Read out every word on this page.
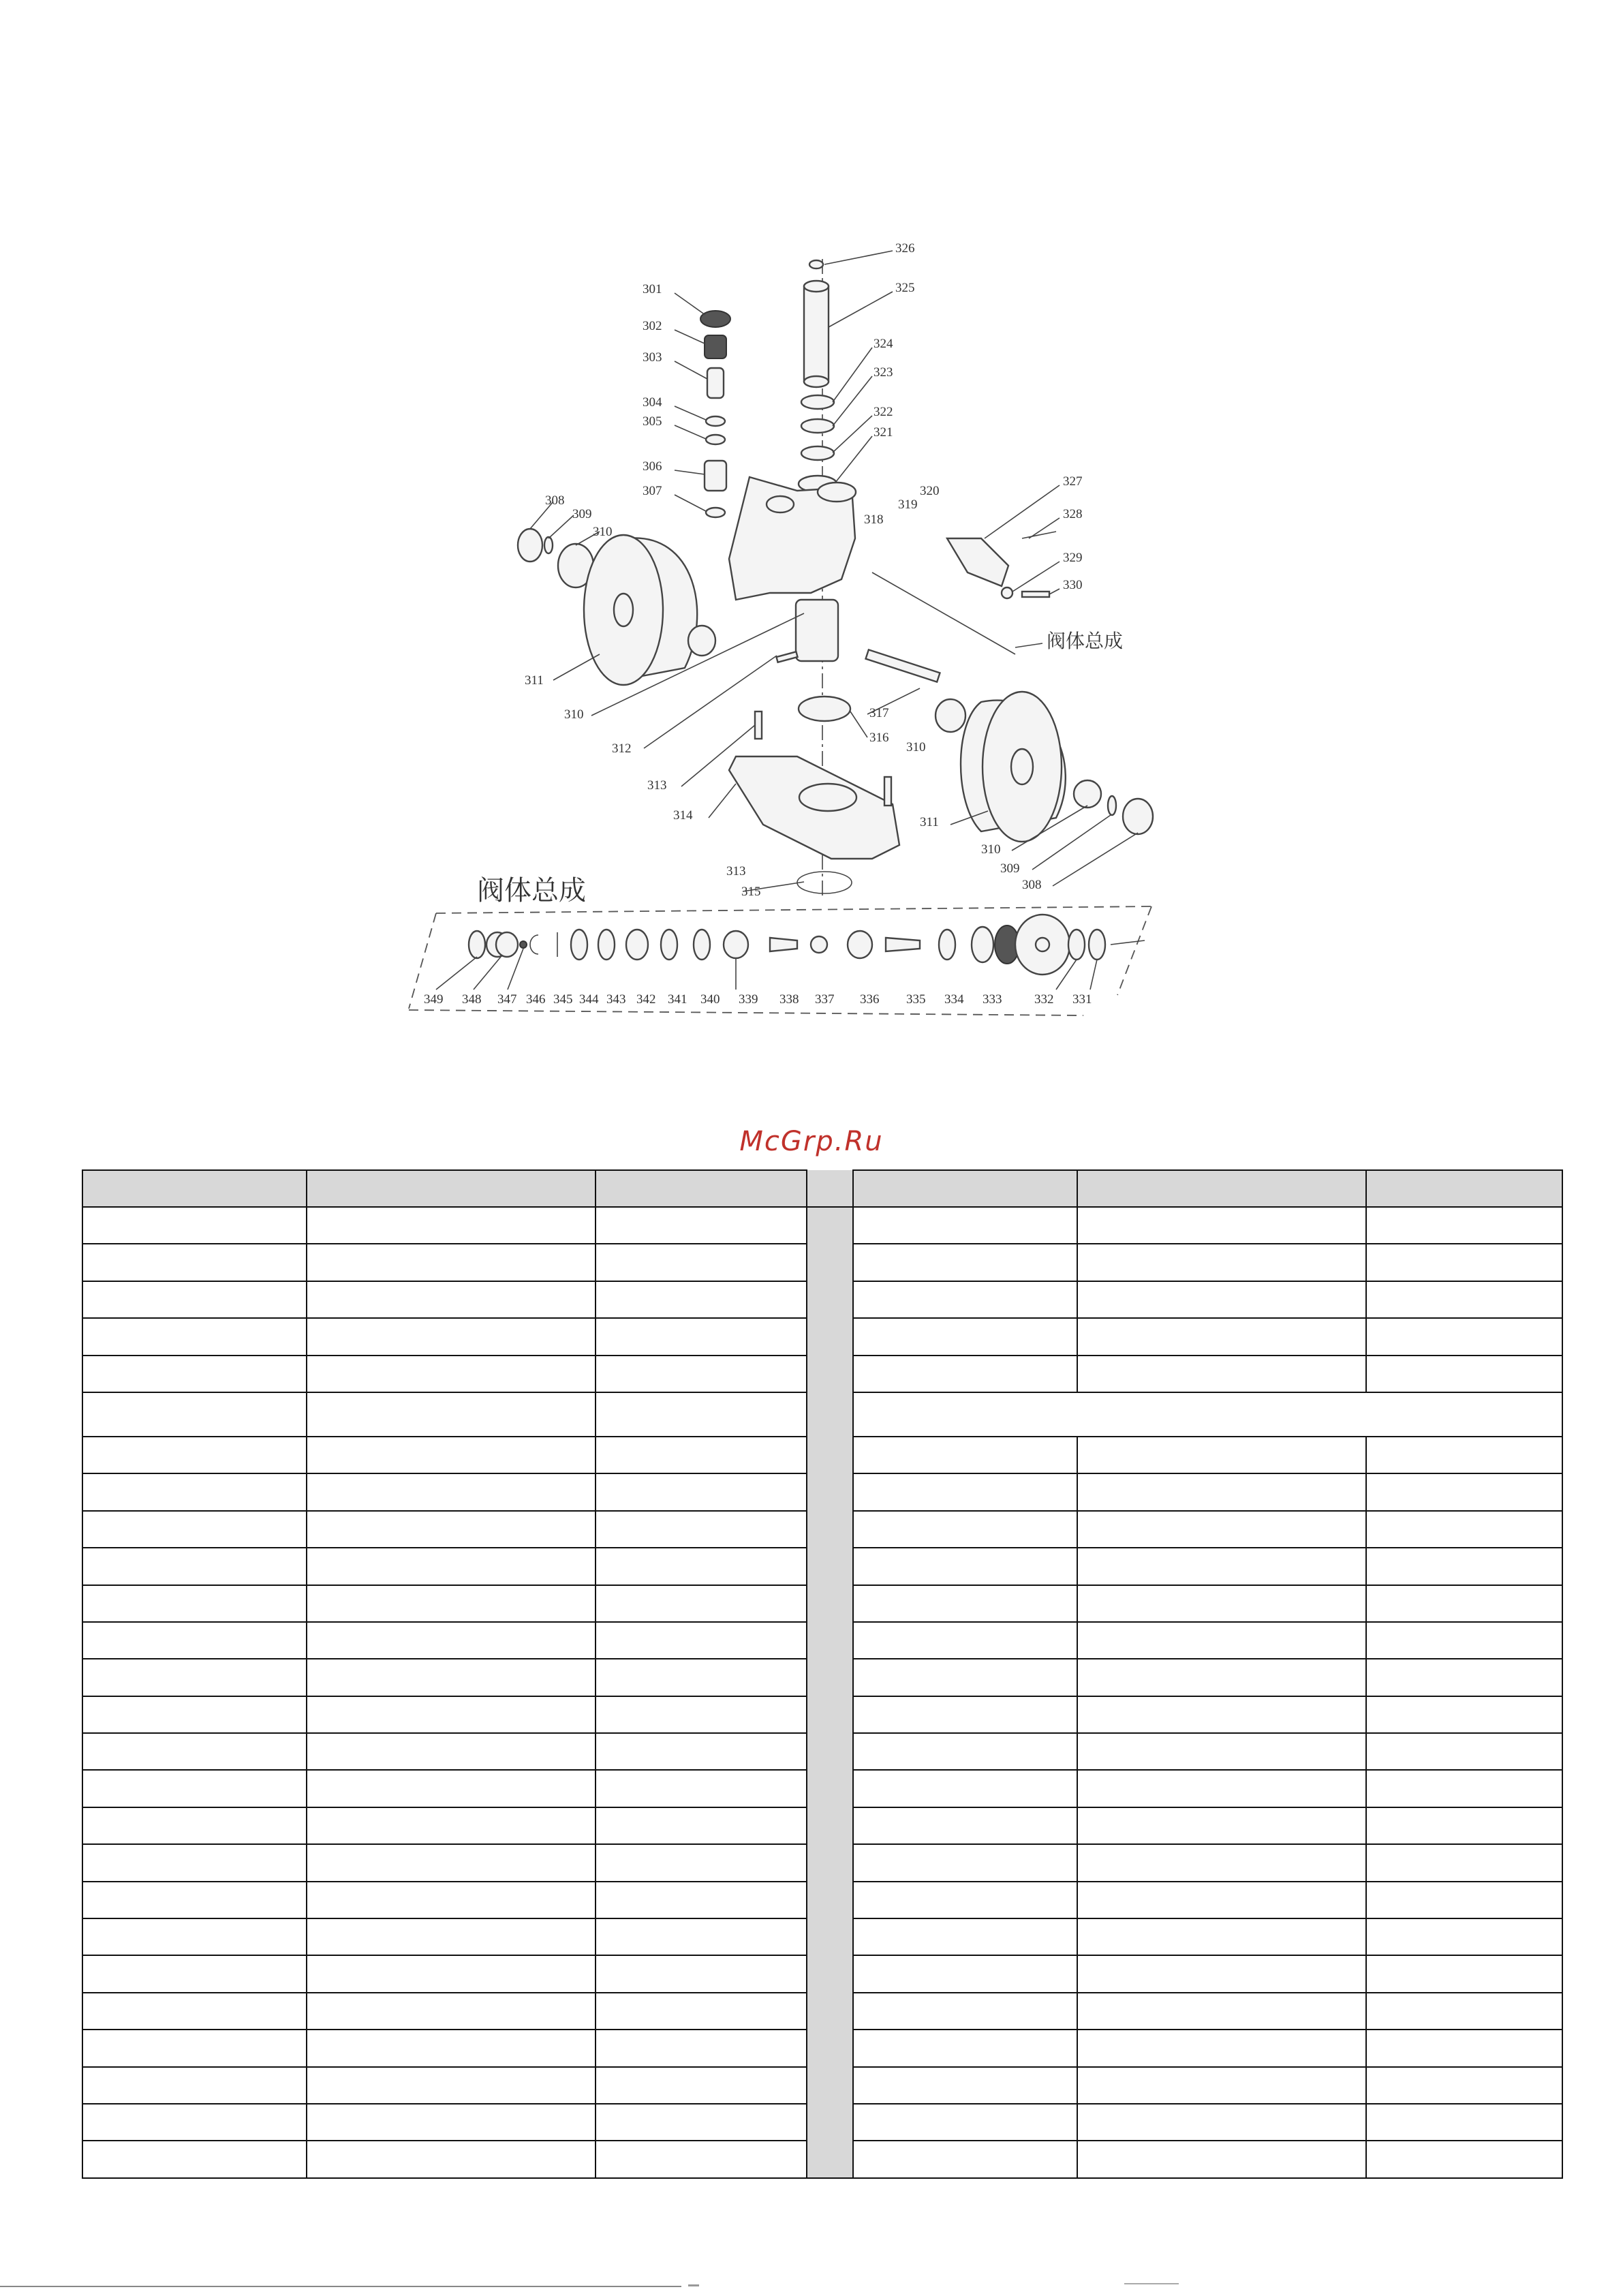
301
302
303
304
305
306
307
308
309
310
311
310
312
313
314
313
315
316
317
310
311
310
309
308
318
319
320
321
322
323
324
325
326
327
328
329
330
阀体总成
阀体总成
349 348 347 346 345 344 343 342 341 340 339 338 337 336 335 334 333	332 331
McGrp.Ru
